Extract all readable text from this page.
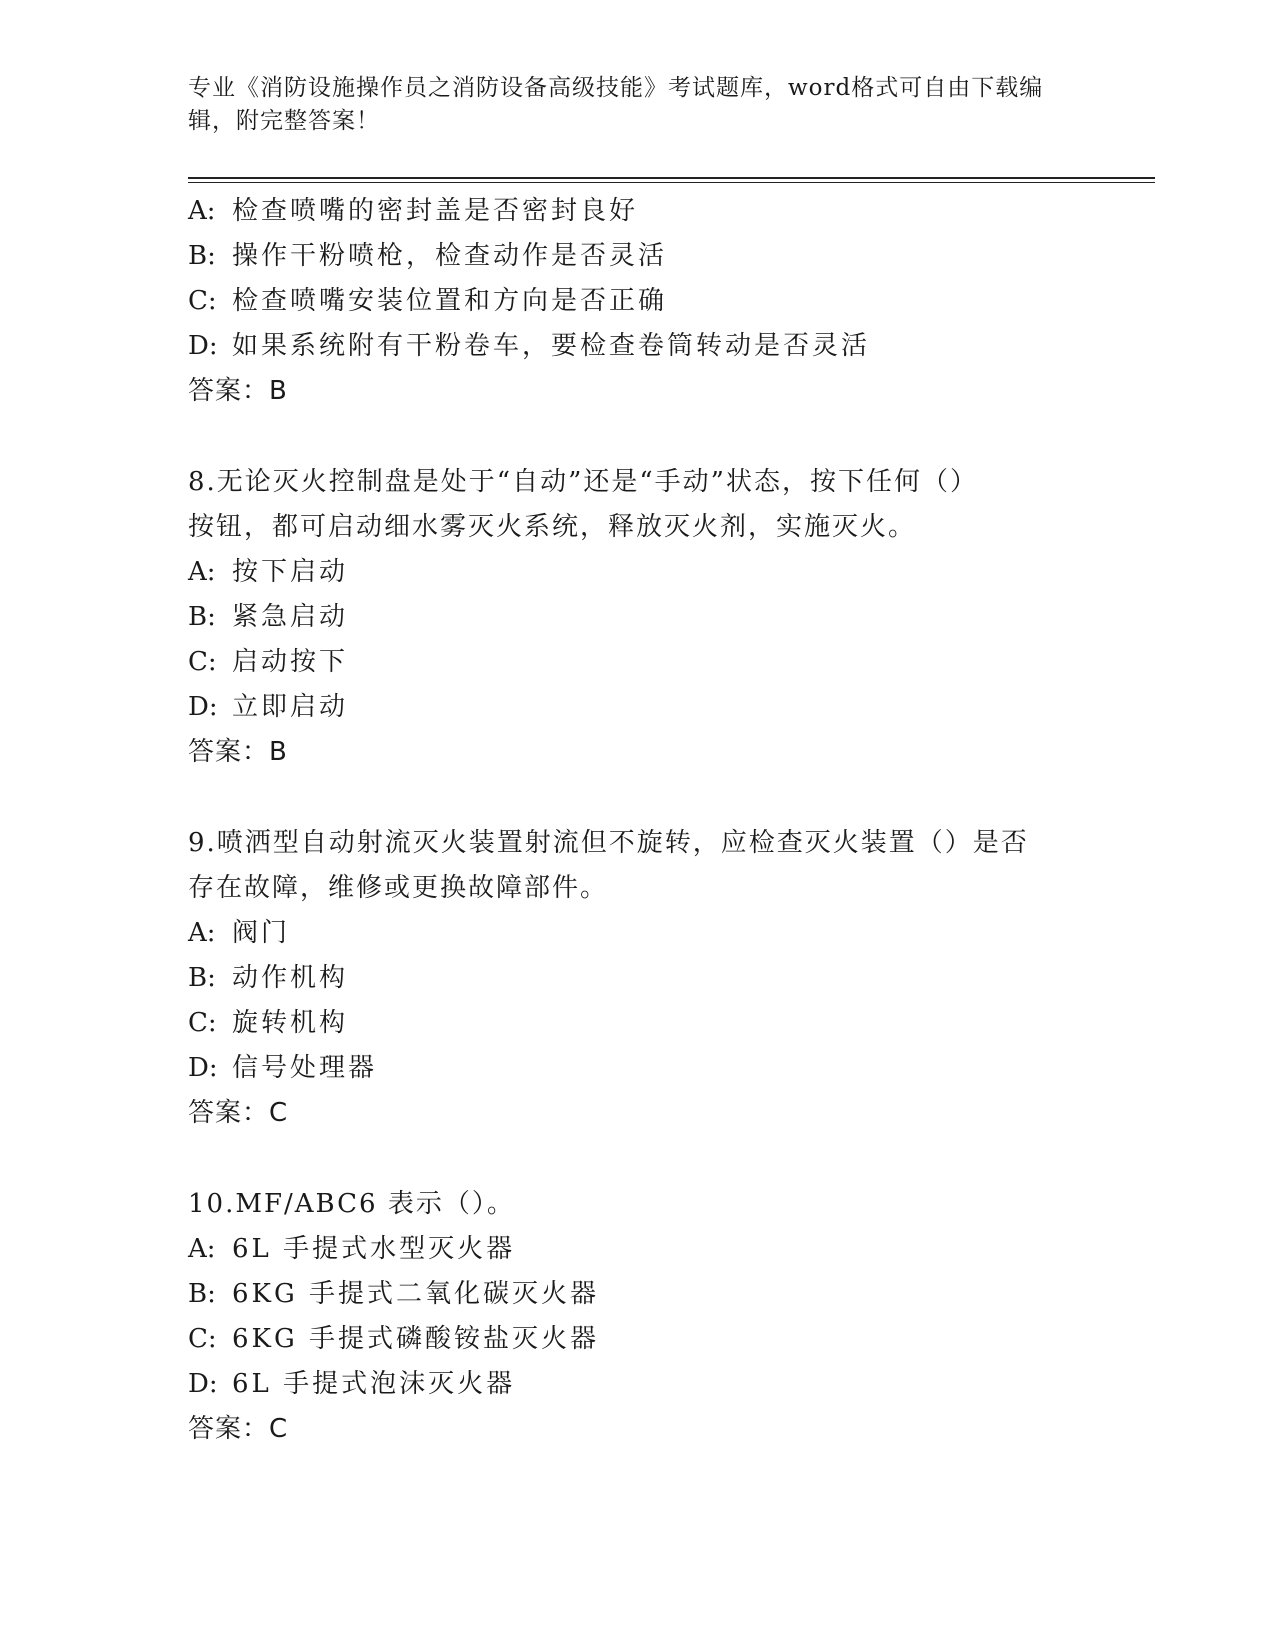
专业《消防设施操作员之消防设备高级技能》考试题库，word格式可自由下载编
辑，附完整答案！
A: 检查喷嘴的密封盖是否密封良好
B: 操作干粉喷枪，检查动作是否灵活
C: 检查喷嘴安装位置和方向是否正确
D: 如果系统附有干粉卷车，要检查卷筒转动是否灵活
答案：B
8.无论灭火控制盘是处于“自动”还是“手动”状态，按下任何（）
按钮，都可启动细水雾灭火系统，释放灭火剂，实施灭火。
A: 按下启动
B: 紧急启动
C: 启动按下
D: 立即启动
答案：B
9.喷洒型自动射流灭火装置射流但不旋转，应检查灭火装置（）是否
存在故障，维修或更换故障部件。
A: 阀门
B: 动作机构
C: 旋转机构
D: 信号处理器
答案：C
10.MF/ABC6 表示（）。
A: 6L 手提式水型灭火器
B: 6KG 手提式二氧化碳灭火器
C: 6KG 手提式磷酸铵盐灭火器
D: 6L 手提式泡沫灭火器
答案：C
